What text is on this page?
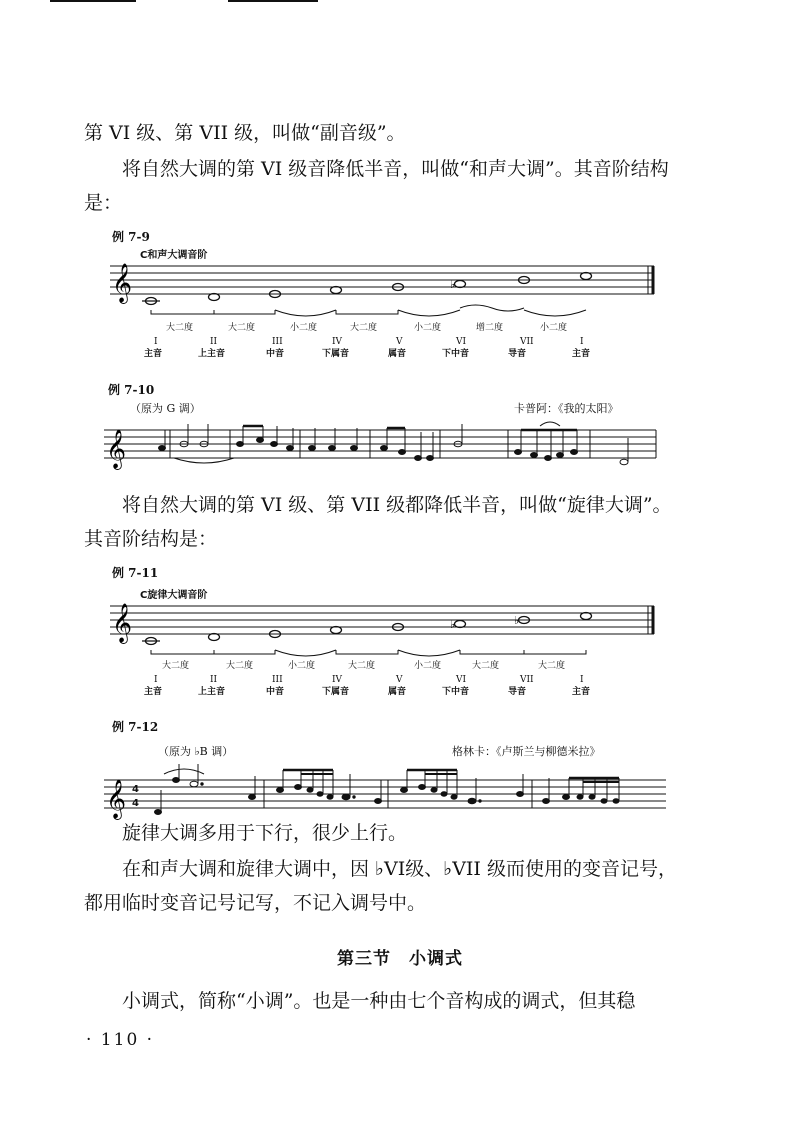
第 VI 级、第 VII 级，叫做“副音级”。

将自然大调的第 VI 级音降低半音，叫做“和声大调”。其音阶结构是：

例 7-9
C和声大调音阶
𝄞	♭
大二度	大二度	小二度	大二度	小二度	增二度	小二度
I	II	III	IV	V	VI	VII	I
主音	上主音	中音	下属音	属音	下中音	导音	主音
例 7-10
（原为 G 调）	卡普阿：《我的太阳》
𝄞

将自然大调的第 VI 级、第 VII 级都降低半音，叫做“旋律大调”。其音阶结构是：

例 7-11
C旋律大调音阶
𝄞	♭	♭
大二度	大二度	小二度	大二度	小二度	大二度	大二度
I	II	III	IV	V	VI	VII	I
主音	上主音	中音	下属音	属音	下中音	导音	主音
例 7-12
（原为 ♭B 调）	格林卡：《卢斯兰与柳德米拉》
𝄞 4
4

旋律大调多用于下行，很少上行。

在和声大调和旋律大调中，因 ♭VI级、♭VII 级而使用的变音记号，都用临时变音记号记写，不记入调号中。

第三节　小调式

小调式，简称“小调”。也是一种由七个音构成的调式，但其稳

· 110 ·
